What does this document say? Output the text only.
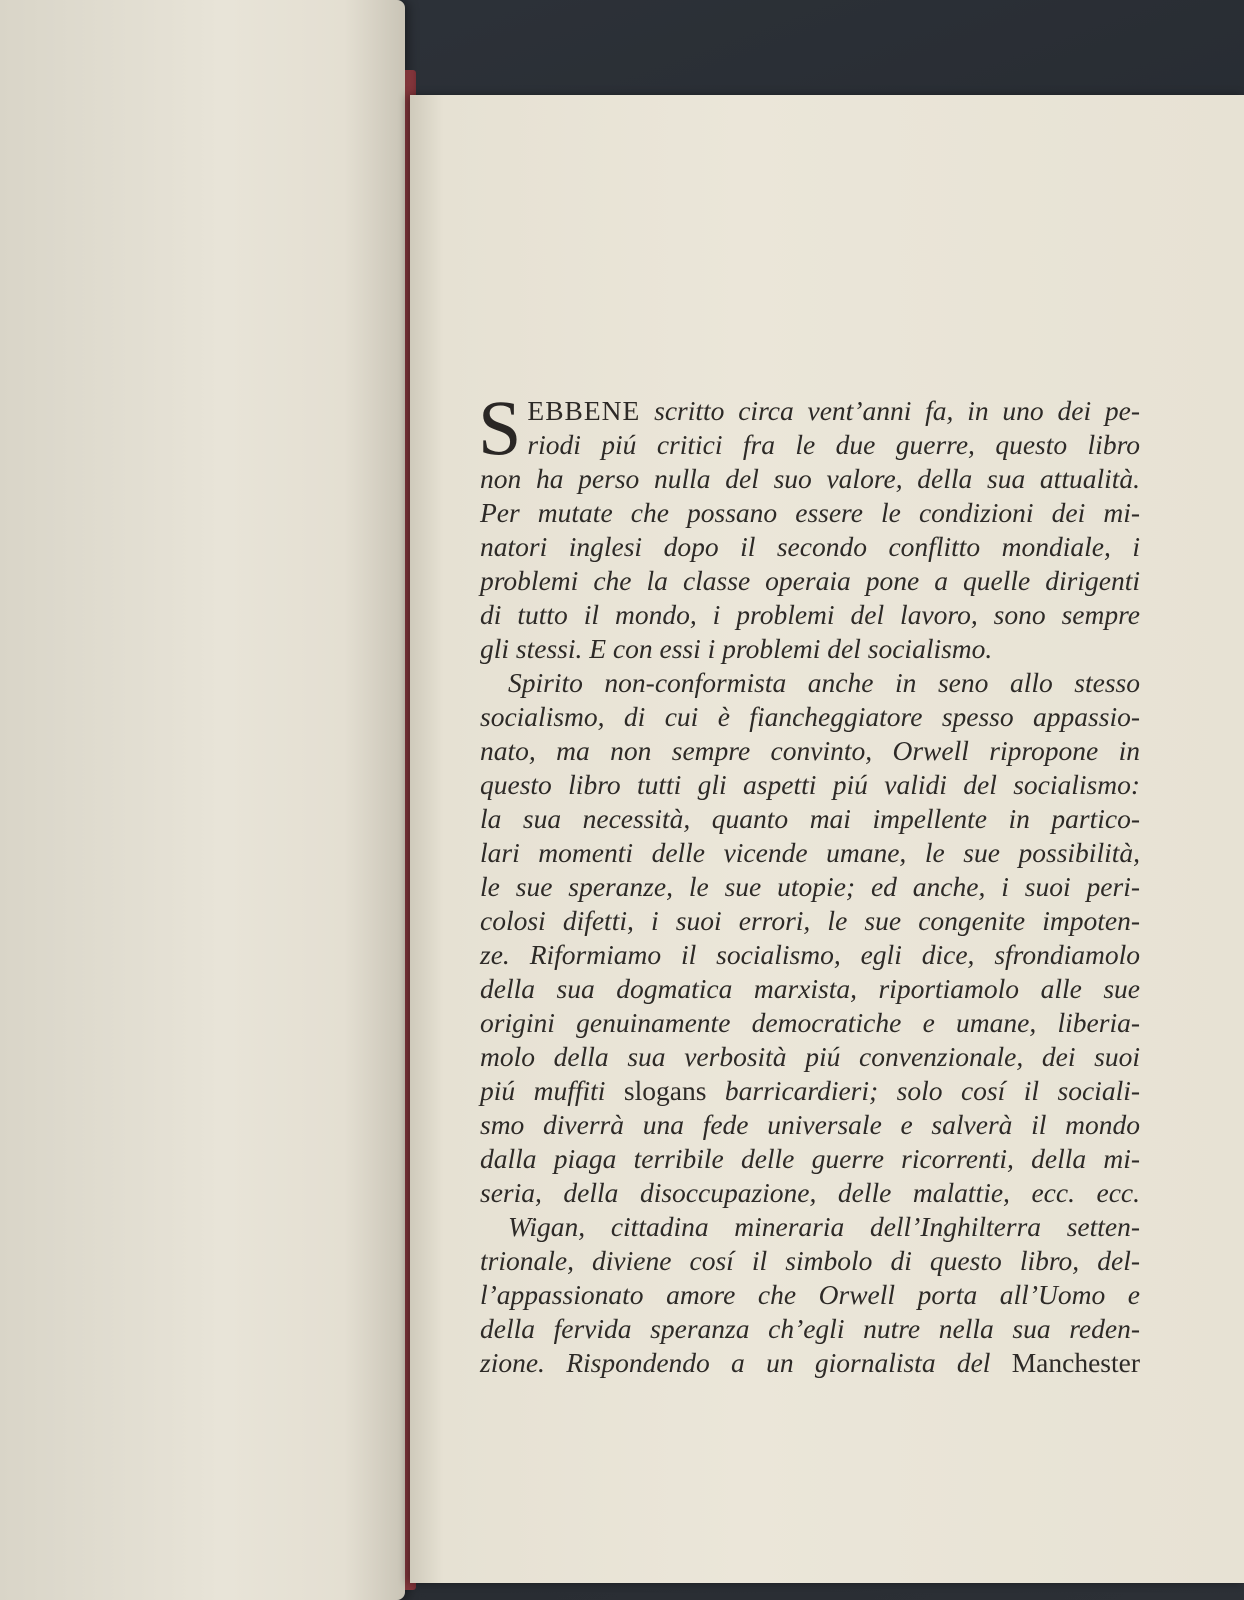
S EBBENE scritto circa vent’anni fa, in uno dei pe-
riodi piú critici fra le due guerre, questo libro
non ha perso nulla del suo valore, della sua attualità.
Per mutate che possano essere le condizioni dei mi-
natori inglesi dopo il secondo conflitto mondiale, i
problemi che la classe operaia pone a quelle dirigenti
di tutto il mondo, i problemi del lavoro, sono sempre
gli stessi. E con essi i problemi del socialismo.
Spirito non-conformista anche in seno allo stesso
socialismo, di cui è fiancheggiatore spesso appassio-
nato, ma non sempre convinto, Orwell ripropone in
questo libro tutti gli aspetti piú validi del socialismo:
la sua necessità, quanto mai impellente in partico-
lari momenti delle vicende umane, le sue possibilità,
le sue speranze, le sue utopie; ed anche, i suoi peri-
colosi difetti, i suoi errori, le sue congenite impoten-
ze. Riformiamo il socialismo, egli dice, sfrondiamolo
della sua dogmatica marxista, riportiamolo alle sue
origini genuinamente democratiche e umane, liberia-
molo della sua verbosità piú convenzionale, dei suoi
piú muffiti slogans barricardieri; solo cosí il sociali-
smo diverrà una fede universale e salverà il mondo
dalla piaga terribile delle guerre ricorrenti, della mi-
seria, della disoccupazione, delle malattie, ecc. ecc.
Wigan, cittadina mineraria dell’Inghilterra setten-
trionale, diviene cosí il simbolo di questo libro, del-
l’appassionato amore che Orwell porta all’Uomo e
della fervida speranza ch’egli nutre nella sua reden-
zione. Rispondendo a un giornalista del Manchester
